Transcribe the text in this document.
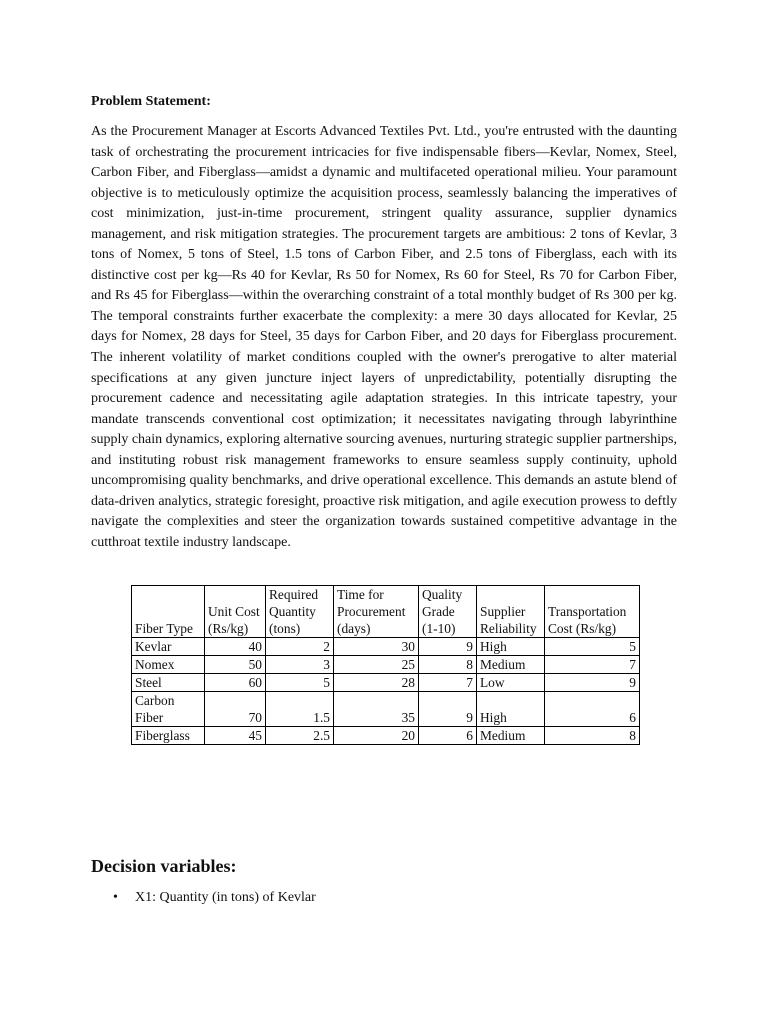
Problem Statement:

As the Procurement Manager at Escorts Advanced Textiles Pvt. Ltd., you're entrusted with the daunting task of orchestrating the procurement intricacies for five indispensable fibers—Kevlar, Nomex, Steel, Carbon Fiber, and Fiberglass—amidst a dynamic and multifaceted operational milieu. Your paramount objective is to meticulously optimize the acquisition process, seamlessly balancing the imperatives of cost minimization, just-in-time procurement, stringent quality assurance, supplier dynamics management, and risk mitigation strategies. The procurement targets are ambitious: 2 tons of Kevlar, 3 tons of Nomex, 5 tons of Steel, 1.5 tons of Carbon Fiber, and 2.5 tons of Fiberglass, each with its distinctive cost per kg—Rs 40 for Kevlar, Rs 50 for Nomex, Rs 60 for Steel, Rs 70 for Carbon Fiber, and Rs 45 for Fiberglass—within the overarching constraint of a total monthly budget of Rs 300 per kg. The temporal constraints further exacerbate the complexity: a mere 30 days allocated for Kevlar, 25 days for Nomex, 28 days for Steel, 35 days for Carbon Fiber, and 20 days for Fiberglass procurement. The inherent volatility of market conditions coupled with the owner's prerogative to alter material specifications at any given juncture inject layers of unpredictability, potentially disrupting the procurement cadence and necessitating agile adaptation strategies. In this intricate tapestry, your mandate transcends conventional cost optimization; it necessitates navigating through labyrinthine supply chain dynamics, exploring alternative sourcing avenues, nurturing strategic supplier partnerships, and instituting robust risk management frameworks to ensure seamless supply continuity, uphold uncompromising quality benchmarks, and drive operational excellence. This demands an astute blend of data-driven analytics, strategic foresight, proactive risk mitigation, and agile execution prowess to deftly navigate the complexities and steer the organization towards sustained competitive advantage in the cutthroat textile industry landscape.

Fiber Type	Unit Cost (Rs/kg)	Required Quantity (tons)	Time for Procurement (days)	Quality Grade (1-10)	Supplier Reliability	Transportation Cost (Rs/kg)
Kevlar	40	2	30	9	High	5
Nomex	50	3	25	8	Medium	7
Steel	60	5	28	7	Low	9
Carbon Fiber	70	1.5	35	9	High	6
Fiberglass	45	2.5	20	6	Medium	8

Decision variables:

• X1: Quantity (in tons) of Kevlar
